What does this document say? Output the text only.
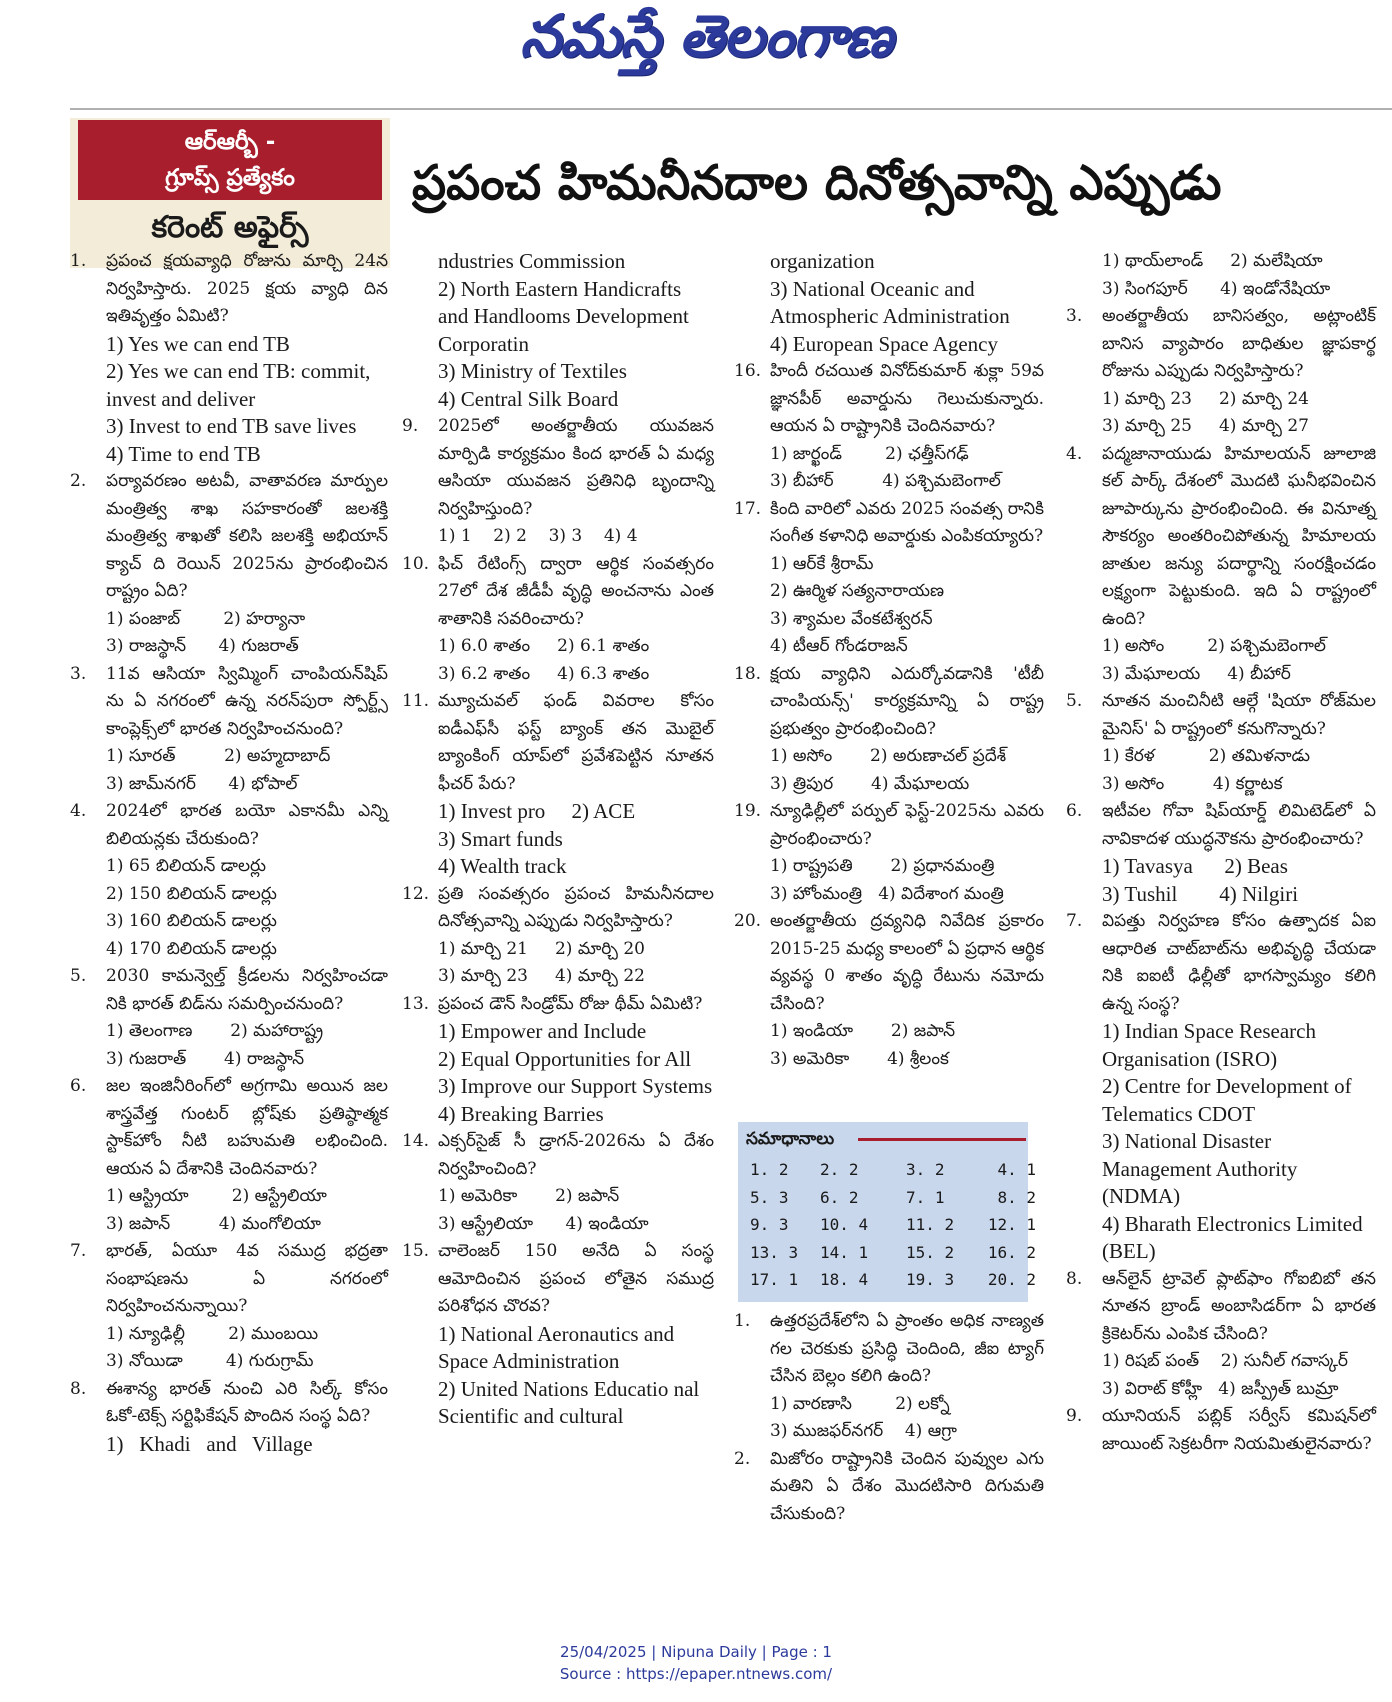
నమస్తే తెలంగాణ
ఆర్ఆర్బీ -
గ్రూప్స్ ప్రత్యేకం
కరెంట్ అఫైర్స్
ప్రపంచ హిమనీనదాల దినోత్సవాన్ని ఎప్పుడు

1.	ప్రపంచ క్షయవ్యాధి రోజును మార్చి 24న నిర్వహిస్తారు. 2025 క్షయ వ్యాధి దిన ఇతివృత్తం ఏమిటి?

1) Yes we can end TB

2) Yes we can end TB: commit, invest and deliver

3) Invest to end TB save lives

4) Time to end TB

2.	పర్యావరణం అటవీ, వాతావరణ మార్పుల మంత్రిత్వ శాఖ సహకారంతో జలశక్తి మంత్రిత్వ శాఖతో కలిసి జలశక్తి అభియాన్ క్యాచ్ ది రెయిన్ 2025ను ప్రారంభించిన రాష్ట్రం ఏది?

1) పంజాబ్        2) హర్యానా

3) రాజస్థాన్      4) గుజరాత్

3.	11వ ఆసియా స్విమ్మింగ్ చాంపియన్‌షిప్ ను ఏ నగరంలో ఉన్న నరన్‌పురా స్పోర్ట్స్ కాంప్లెక్స్‌లో భారత నిర్వహించనుంది?

1) సూరత్         2) అహ్మదాబాద్

3) జామ్‌నగర్      4) భోపాల్

4.	2024లో భారత బయో ఎకానమీ ఎన్ని బిలియన్లకు చేరుకుంది?

1) 65 బిలియన్ డాలర్లు

2) 150 బిలియన్ డాలర్లు

3) 160 బిలియన్ డాలర్లు

4) 170 బిలియన్ డాలర్లు

5.	2030 కామన్వెల్త్ క్రీడలను నిర్వహించడా నికి భారత్ బిడ్‌ను సమర్పించనుంది?

1) తెలంగాణ       2) మహారాష్ట్ర

3) గుజరాత్       4) రాజస్థాన్

6.	జల ఇంజినీరింగ్‌లో అగ్రగామి అయిన జల శాస్త్రవేత్త గుంటర్ బ్లోష్‌కు ప్రతిష్ఠాత్మక స్టాక్‌హోం నీటి బహుమతి లభించింది. ఆయన ఏ దేశానికి చెందినవారు?

1) ఆస్ట్రియా        2) ఆస్ట్రేలియా

3) జపాన్         4) మంగోలియా

7.	భారత్, ఏయూ 4వ సముద్ర భద్రతా సంభాషణను ఏ నగరంలో నిర్వహించనున్నాయి?

1) న్యూఢిల్లీ        2) ముంబయి

3) నోయిడా        4) గురుగ్రామ్

8.	ఈశాన్య భారత్ నుంచి ఎరి సిల్క్ కోసం ఓకో-టెక్స్ సర్టిఫికేషన్ పొందిన సంస్థ ఏది?

1)   Khadi   and   Village

ndustries Commission

2) North Eastern Handicrafts and Handlooms Development Corporatin

3) Ministry of Textiles

4) Central Silk Board

9.	2025లో అంతర్జాతీయ యువజన మార్పిడి కార్యక్రమం కింద భారత్ ఏ మధ్య ఆసియా యువజన ప్రతినిధి బృందాన్ని నిర్వహిస్తుంది?

1) 1    2) 2    3) 3    4) 4

10. ఫిచ్ రేటింగ్స్ ద్వారా ఆర్థిక సంవత్సరం 27లో దేశ జీడీపీ వృద్ధి అంచనాను ఎంత శాతానికి సవరించారు?

1) 6.0 శాతం     2) 6.1 శాతం

3) 6.2 శాతం     4) 6.3 శాతం

11. మ్యూచువల్ ఫండ్ వివరాల కోసం ఐడీఎఫ్‌సీ ఫస్ట్ బ్యాంక్ తన మొబైల్ బ్యాంకింగ్ యాప్‌లో ప్రవేశపెట్టిన నూతన ఫీచర్ పేరు?

1) Invest pro     2) ACE

3) Smart funds

4) Wealth track

12. ప్రతి సంవత్సరం ప్రపంచ హిమనీనదాల దినోత్సవాన్ని ఎప్పుడు నిర్వహిస్తారు?

1) మార్చి 21     2) మార్చి 20

3) మార్చి 23     4) మార్చి 22

13. ప్రపంచ డౌన్ సిండ్రోమ్ రోజు థీమ్ ఏమిటి?

1) Empower and Include

2) Equal Opportunities for All

3) Improve our Support Systems

4) Breaking Barries

14. ఎక్సర్‌సైజ్ సీ డ్రాగన్-2026ను ఏ దేశం నిర్వహించింది?

1) అమెరికా       2) జపాన్

3) ఆస్ట్రేలియా      4) ఇండియా

15. చాలెంజర్ 150 అనేది ఏ సంస్థ ఆమోదించిన ప్రపంచ లోతైన సముద్ర పరిశోధన చొరవ?

1) National Aeronautics and Space Administration

2) United Nations Educatio nal Scientific and cultural

organization

3) National Oceanic and Atmospheric Administration

4) European Space Agency

16. హిందీ రచయిత వినోద్‌కుమార్ శుక్లా 59వ జ్ఞానపీఠ్ అవార్డును గెలుచుకున్నారు. ఆయన ఏ రాష్ట్రానికి చెందినవారు?

1) జార్ఖండ్        2) ఛత్తీస్‌గఢ్

3) బీహార్         4) పశ్చిమబెంగాల్

17. కింది వారిలో ఎవరు 2025 సంవత్స రానికి సంగీత కళానిధి అవార్డుకు ఎంపికయ్యారు?

1) ఆర్‌కే శ్రీరామ్

2) ఊర్మిళ సత్యనారాయణ

3) శ్యామల వేంకటేశ్వరన్

4) టీఆర్ గోండరాజన్

18. క్షయ వ్యాధిని ఎదుర్కోవడానికి 'టీబీ చాంపియన్స్' కార్యక్రమాన్ని ఏ రాష్ట్ర ప్రభుత్వం ప్రారంభించింది?

1) అసోం       2) అరుణాచల్ ప్రదేశ్

3) త్రిపుర       4) మేఘాలయ

19. న్యూఢిల్లీలో పర్పుల్ ఫెస్ట్-2025ను ఎవరు ప్రారంభించారు?

1) రాష్ట్రపతి       2) ప్రధానమంత్రి

3) హోంమంత్రి   4) విదేశాంగ మంత్రి

20. అంతర్జాతీయ ద్రవ్యనిధి నివేదిక ప్రకారం 2015-25 మధ్య కాలంలో ఏ ప్రధాన ఆర్థిక వ్యవస్థ 0 శాతం వృద్ధి రేటును నమోదు చేసింది?

1) ఇండియా       2) జపాన్

3) అమెరికా       4) శ్రీలంక

సమాధానాలు
1. 2	2. 2	3. 2	4. 1
5. 3	6. 2	7. 1	8. 2
9. 3	10. 4	11. 2	12. 1
13. 3	14. 1	15. 2	16. 2
17. 1	18. 4	19. 3	20. 2

1.	ఉత్తరప్రదేశ్‌లోని ఏ ప్రాంతం అధిక నాణ్యత గల చెరకుకు ప్రసిద్ధి చెందింది, జీఐ ట్యాగ్ చేసిన బెల్లం కలిగి ఉంది?

1) వారణాసి        2) లక్నో

3) ముజఫర్‌నగర్    4) ఆగ్రా

2.	మిజోరం రాష్ట్రానికి చెందిన పువ్వుల ఎగు మతిని ఏ దేశం మొదటిసారి దిగుమతి చేసుకుంది?

1) థాయ్‌లాండ్     2) మలేషియా

3) సింగపూర్      4) ఇండోనేషియా

3.	అంతర్జాతీయ బానిసత్వం, అట్లాంటిక్ బానిస వ్యాపారం బాధితుల జ్ఞాపకార్థ రోజును ఎప్పుడు నిర్వహిస్తారు?

1) మార్చి 23     2) మార్చి 24

3) మార్చి 25     4) మార్చి 27

4.	పద్మజానాయుడు హిమాలయన్ జూలాజి కల్ పార్క్ దేశంలో మొదటి ఘనీభవించిన జూపార్కును ప్రారంభించింది. ఈ వినూత్న సౌకర్యం అంతరించిపోతున్న హిమాలయ జాతుల జన్యు పదార్థాన్ని సంరక్షించడం లక్ష్యంగా పెట్టుకుంది. ఇది ఏ రాష్ట్రంలో ఉంది?

1) అసోం        2) పశ్చిమబెంగాల్

3) మేఘాలయ     4) బీహార్

5.	నూతన మంచినీటి ఆల్గే 'షియా రోజ్‌మల మైనిస్' ఏ రాష్ట్రంలో కనుగొన్నారు?

1) కేరళ          2) తమిళనాడు

3) అసోం         4) కర్ణాటక

6.	ఇటీవల గోవా షిప్‌యార్డ్ లిమిటెడ్‌లో ఏ నావికాదళ యుద్ధనౌకను ప్రారంభించారు?

1) Tavasya      2) Beas

3) Tushil        4) Nilgiri

7.	విపత్తు నిర్వహణ కోసం ఉత్పాదక ఏఐ ఆధారిత చాట్‌బాట్‌ను అభివృద్ధి చేయడా నికి ఐఐటీ ఢిల్లీతో భాగస్వామ్యం కలిగి ఉన్న సంస్థ?

1) Indian Space Research Organisation (ISRO)

2) Centre for Development of Telematics CDOT

3) National Disaster Management Authority (NDMA)

4) Bharath Electronics Limited (BEL)

8.	ఆన్‌లైన్ ట్రావెల్ ప్లాట్‌ఫాం గోఐబిబో తన నూతన బ్రాండ్ అంబాసిడర్‌గా ఏ భారత క్రికెటర్‌ను ఎంపిక చేసింది?

1) రిషబ్ పంత్    2) సునీల్ గవాస్కర్

3) విరాట్ కోహ్లీ   4) జస్ప్రీత్ బుమ్రా

9.	యూనియన్ పబ్లిక్ సర్వీస్ కమిషన్‌లో జాయింట్ సెక్రటరీగా నియమితులైనవారు?

25/04/2025 | Nipuna Daily | Page : 1
Source : https://epaper.ntnews.com/
